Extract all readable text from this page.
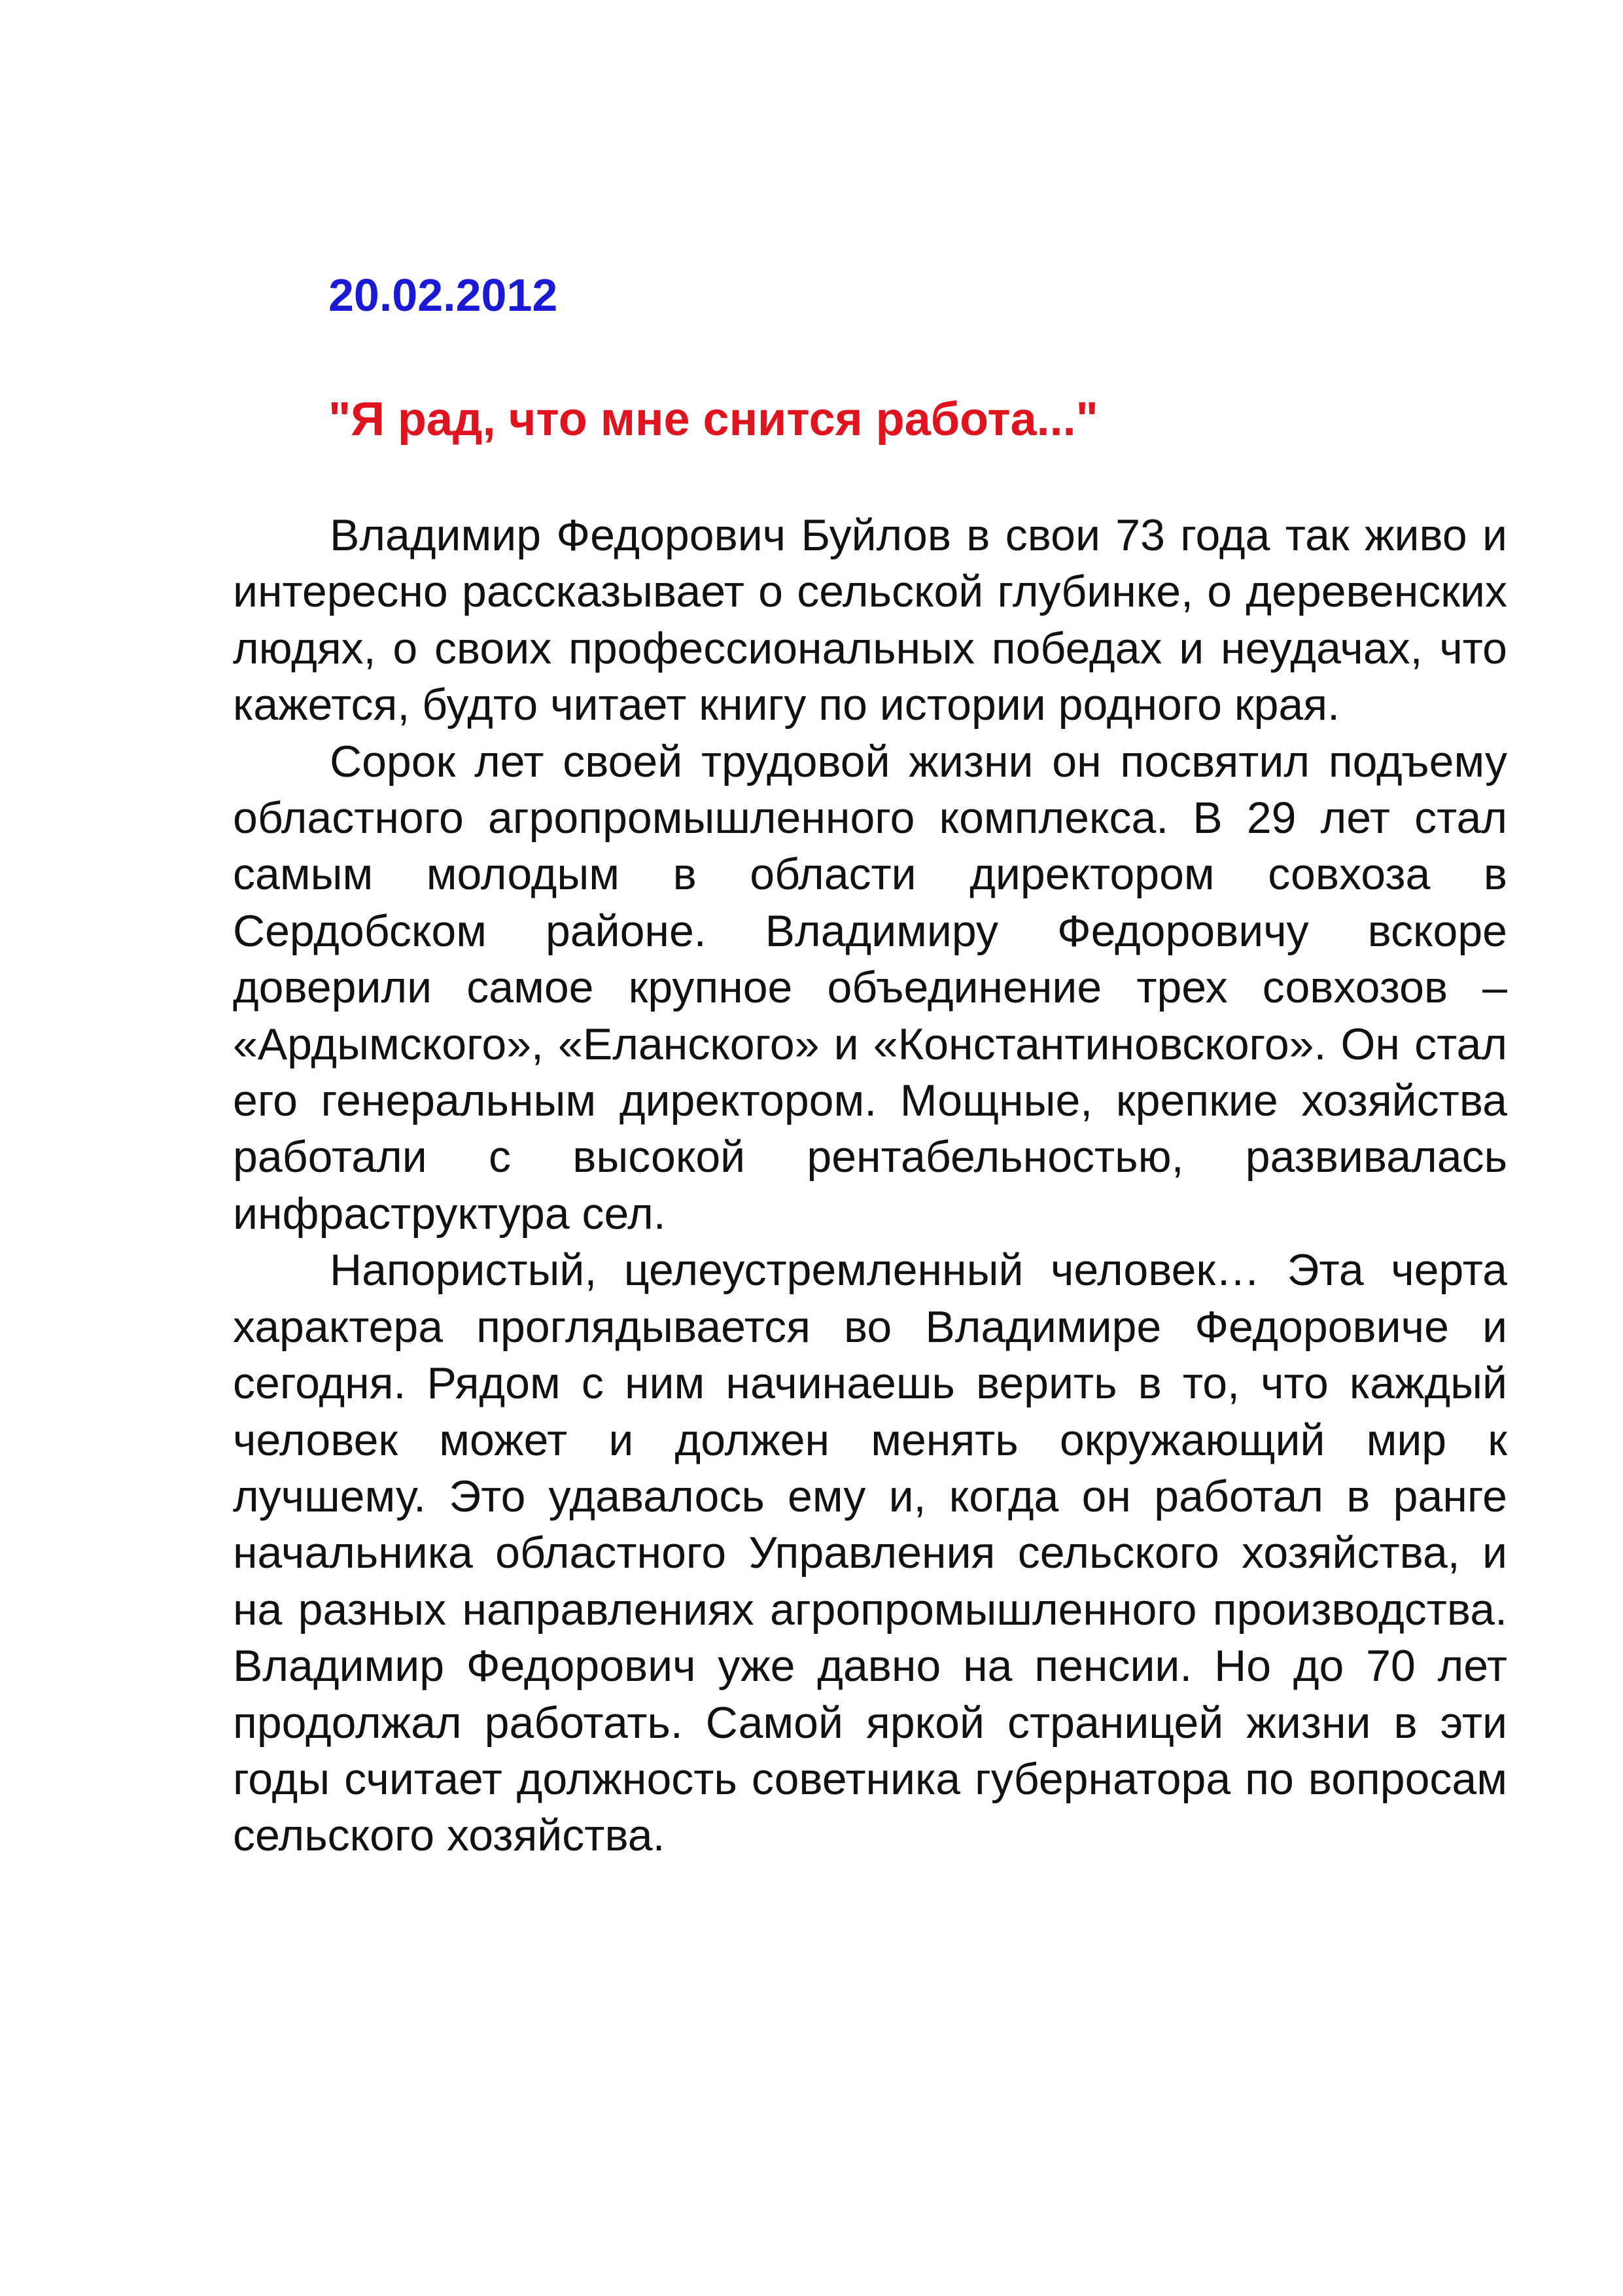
20.02.2012
"Я рад, что мне снится работа..."

Владимир Федорович Буйлов в свои 73 года так живо и интересно рассказывает о сельской глубинке, о деревенских людях, о своих профессиональных победах и неудачах, что кажется, будто читает книгу по истории родного края.

Сорок лет своей трудовой жизни он посвятил подъему областного агропромышленного комплекса. В 29 лет стал самым молодым в области директором совхоза в Сердобском районе. Владимиру Федоровичу вскоре доверили самое крупное объединение трех совхозов – «Ардымского», «Еланского» и «Константиновского». Он стал его генеральным директором. Мощные, крепкие хозяйства работали с высокой рентабельностью, развивалась инфраструктура сел.

Напористый, целеустремленный человек… Эта черта характера проглядывается во Владимире Федоровиче и сегодня. Рядом с ним начинаешь верить в то, что каждый человек может и должен менять окружающий мир к лучшему. Это удавалось ему и, когда он работал в ранге начальника областного Управления сельского хозяйства, и на разных направлениях агропромышленного производства. Владимир Федорович уже давно на пенсии. Но до 70 лет продолжал работать. Самой яркой страницей жизни в эти годы считает должность советника губернатора по вопросам сельского хозяйства.
